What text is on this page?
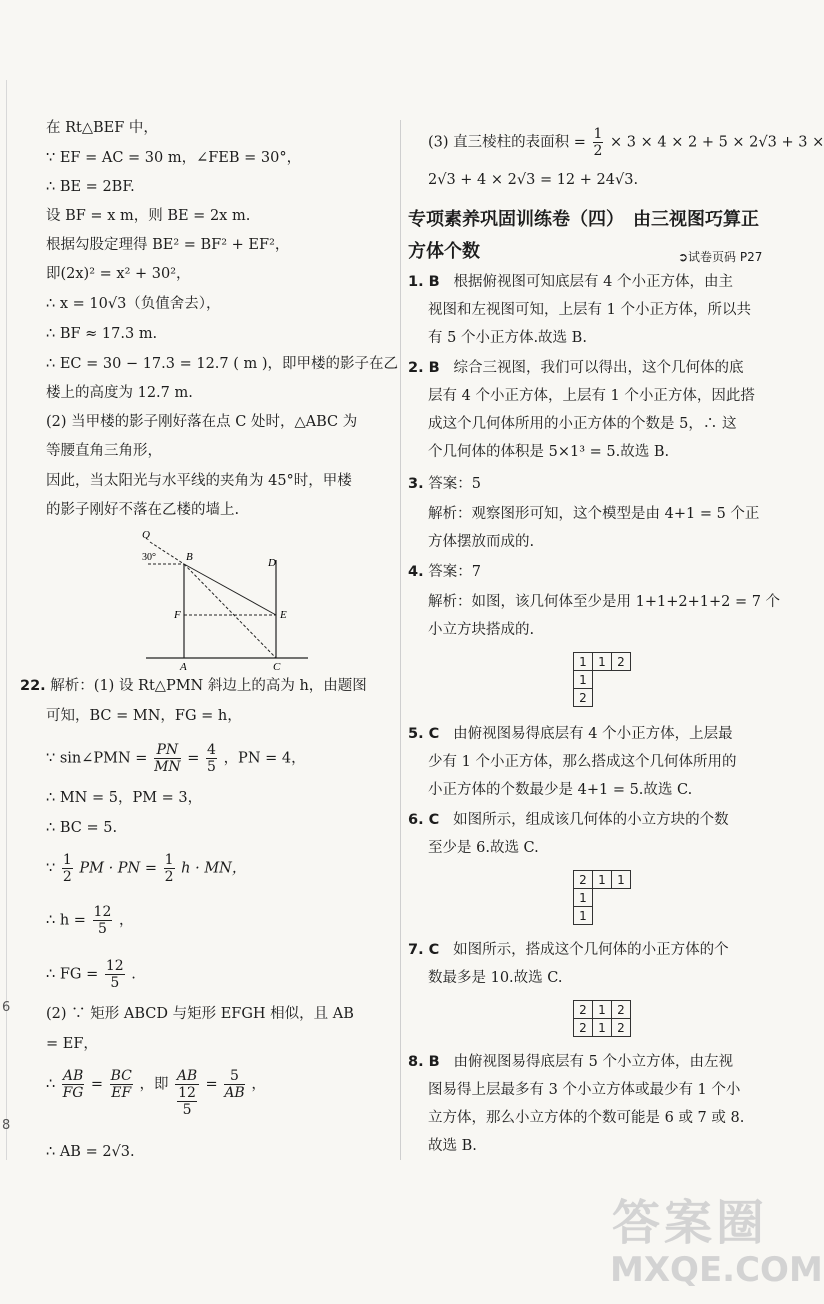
6
8
在 Rt△BEF 中，
∵ EF = AC = 30 m，∠FEB = 30°，
∴ BE = 2BF.
设 BF = x m，则 BE = 2x m.
根据勾股定理得 BE² = BF² + EF²，
即(2x)² = x² + 30²，
∴ x = 10√3（负值舍去），
∴ BF ≈ 17.3 m.
∴ EC = 30 − 17.3 = 12.7 ( m )，即甲楼的影子在乙
楼上的高度为 12.7 m.
(2) 当甲楼的影子刚好落在点 C 处时，△ABC 为
等腰直角三角形，
因此，当太阳光与水平线的夹角为 45°时，甲楼
的影子刚好不落在乙楼的墙上.
Q
30°	B	D
F	E
A	C
22. 解析：(1) 设 Rt△PMN 斜边上的高为 h，由题图
可知，BC = MN，FG = h，
∵ sin∠PMN = $\frac{PN}{MN} = \frac{4}{5}$ ，PN = 4，
∴ MN = 5，PM = 3，
∴ BC = 5.
∵ $\frac{1}{2}$ PM · PN = $\frac{1}{2}$ h · MN，
∴ $h = \frac{12}{5}$ ，
∴ FG = $\frac{12}{5}$ .
(2) ∵ 矩形 ABCD 与矩形 EFGH 相似，且 AB
= EF，
∴ $\frac{AB}{FG} = \frac{BC}{EF}$ ，即 $\frac{AB}{\frac{12}{5}} = \frac{5}{AB}$ ，
∴ AB = 2√3.
(3) 直三棱柱的表面积 = $\frac{1}{2} \times 3 \times 4 \times 2 + 5 \times 2√3 + 3$ ×
2√3 + 4 × 2√3 = 12 + 24√3.
专项素养巩固训练卷（四）　由三视图巧算正
方体个数	➲试卷页码 P27
1. B 根据俯视图可知底层有 4 个小正方体，由主
视图和左视图可知，上层有 1 个小正方体，所以共
有 5 个小正方体.故选 B.
2. B 综合三视图，我们可以得出，这个几何体的底
层有 4 个小正方体，上层有 1 个小正方体，因此搭
成这个几何体所用的小正方体的个数是 5，∴ 这
个几何体的体积是 5×1³ = 5.故选 B.
3. 答案：5
解析：观察图形可知，这个模型是由 4+1 = 5 个正
方体摆放而成的.
4. 答案：7
解析：如图，该几何体至少是用 1+1+2+1+2 = 7 个
小立方块搭成的.
1	1	2
1		
2		
5. C 由俯视图易得底层有 4 个小正方体，上层最
少有 1 个小正方体，那么搭成这个几何体所用的
小正方体的个数最少是 4+1 = 5.故选 C.
6. C 如图所示，组成该几何体的小立方块的个数
至少是 6.故选 C.
2	1	1
1		
1		
7. C 如图所示，搭成这个几何体的小正方体的个
数最多是 10.故选 C.
2	1	2
2	1	2
8. B 由俯视图易得底层有 5 个小立方体，由左视
图易得上层最多有 3 个小立方体或最少有 1 个小
立方体，那么小立方体的个数可能是 6 或 7 或 8.
故选 B.
答案圈
MXQE.COM
